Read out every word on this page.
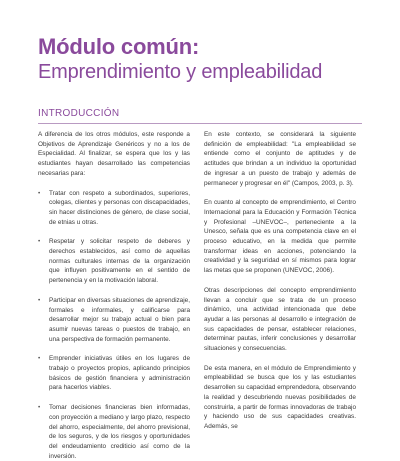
Módulo común:
Emprendimiento y empleabilidad
INTRODUCCIÓN

A diferencia de los otros módulos, este responde a Objetivos de Aprendizaje Genéricos y no a los de Especialidad. Al finalizar, se espera que los y las estudiantes hayan desarrollado las competencias necesarias para:

• Tratar con respeto a subordinados, superiores, colegas, clientes y personas con discapacidades, sin hacer distinciones de género, de clase social, de etnias u otras.
• Respetar y solicitar respeto de deberes y derechos establecidos, así como de aquellas normas culturales internas de la organización que influyen positivamente en el sentido de pertenencia y en la motivación laboral.
• Participar en diversas situaciones de aprendizaje, formales e informales, y calificarse para desarrollar mejor su trabajo actual o bien para asumir nuevas tareas o puestos de trabajo, en una perspectiva de formación permanente.
• Emprender iniciativas útiles en los lugares de trabajo o proyectos propios, aplicando principios básicos de gestión financiera y administración para hacerlos viables.
• Tomar decisiones financieras bien informadas, con proyección a mediano y largo plazo, respecto del ahorro, especialmente, del ahorro previsional, de los seguros, y de los riesgos y oportunidades del endeudamiento crediticio así como de la inversión.

En este contexto, se considerará la siguiente definición de empleabilidad: "La empleabilidad se entiende como el conjunto de aptitudes y de actitudes que brindan a un individuo la oportunidad de ingresar a un puesto de trabajo y además de permanecer y progresar en él" (Campos, 2003, p. 3).

En cuanto al concepto de emprendimiento, el Centro Internacional para la Educación y Formación Técnica y Profesional –UNEVOC–, perteneciente a la Unesco, señala que es una competencia clave en el proceso educativo, en la medida que permite transformar ideas en acciones, potenciando la creatividad y la seguridad en sí mismos para lograr las metas que se proponen (UNEVOC, 2006).

Otras descripciones del concepto emprendimiento llevan a concluir que se trata de un proceso dinámico, una actividad intencionada que debe ayudar a las personas al desarrollo e integración de sus capacidades de pensar, establecer relaciones, determinar pautas, inferir conclusiones y desarrollar situaciones y consecuencias.

De esta manera, en el módulo de Emprendimiento y empleabilidad se busca que los y las estudiantes desarrollen su capacidad emprendedora, observando la realidad y descubriendo nuevas posibilidades de construirla, a partir de formas innovadoras de trabajo y haciendo uso de sus capacidades creativas. Además, se
